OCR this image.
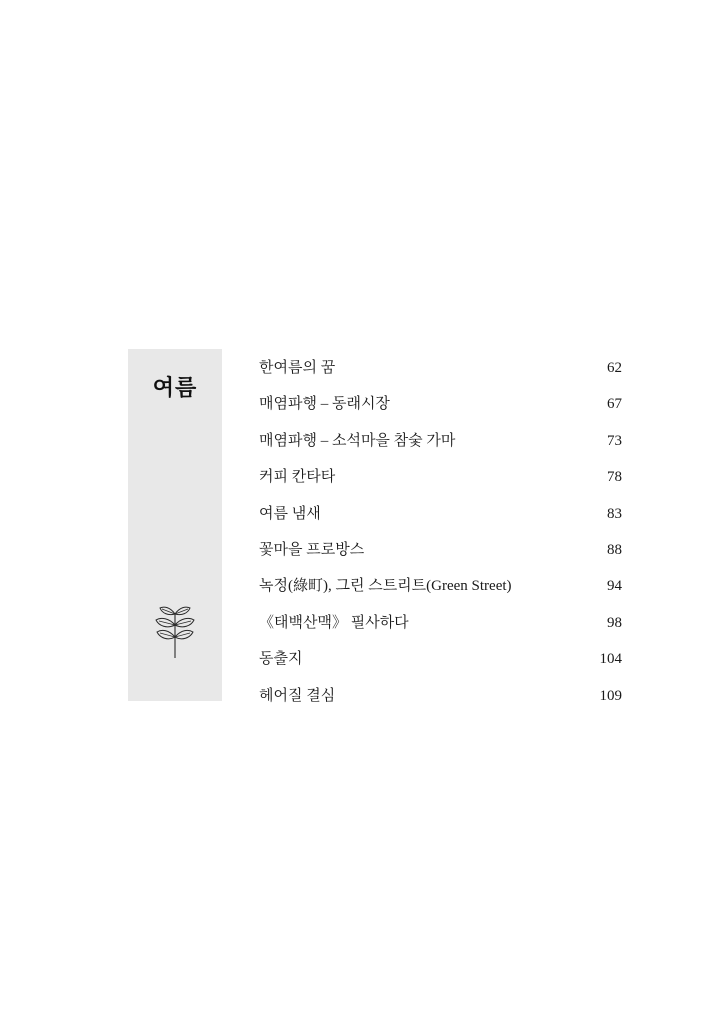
여름
한여름의 꿈	62
매염파행 – 동래시장	67
매염파행 – 소석마을 참숯 가마	73
커피 칸타타	78
여름 냄새	83
꽃마을 프로방스	88
녹정(綠町), 그린 스트리트(Green Street)	94
《태백산맥》 필사하다	98
동출지	104
헤어질 결심	109
